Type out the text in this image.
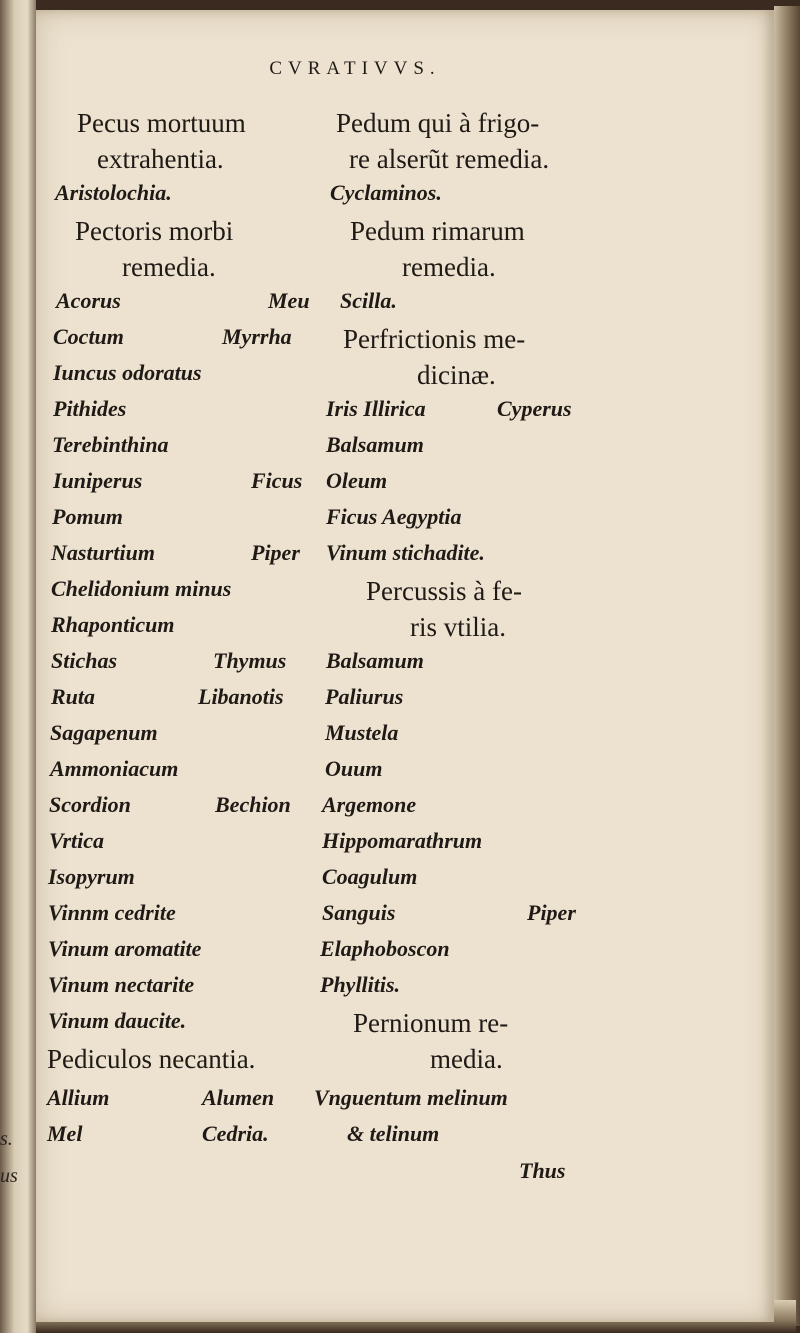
s.
us
CVRATIVVS.
Pecus mortuum
extrahentia.
Aristolochia.
Pectoris morbi
remedia.
Acorus	Meu
Coctum	Myrrha
Iuncus odoratus
Pithides
Terebinthina
Iuniperus	Ficus
Pomum
Nasturtium	Piper
Chelidonium minus
Rhaponticum
Stichas	Thymus
Ruta	Libanotis
Sagapenum
Ammoniacum
Scordion	Bechion
Vrtica
Isopyrum
Vinnm cedrite
Vinum aromatite
Vinum nectarite
Vinum daucite.
Pediculos necantia.
Allium	Alumen
Mel	Cedria.
Pedum qui à frigo-
re alserũt remedia.
Cyclaminos.
Pedum rimarum
remedia.
Scilla.
Perfrictionis me-
dicinæ.
Iris Illirica	Cyperus
Balsamum
Oleum
Ficus Aegyptia
Vinum stichadite.
Percussis à fe-
ris vtilia.
Balsamum
Paliurus
Mustela
Ouum
Argemone
Hippomarathrum
Coagulum
Sanguis	Piper
Elaphoboscon
Phyllitis.
Pernionum re-
media.
Vnguentum melinum
& telinum
Thus
